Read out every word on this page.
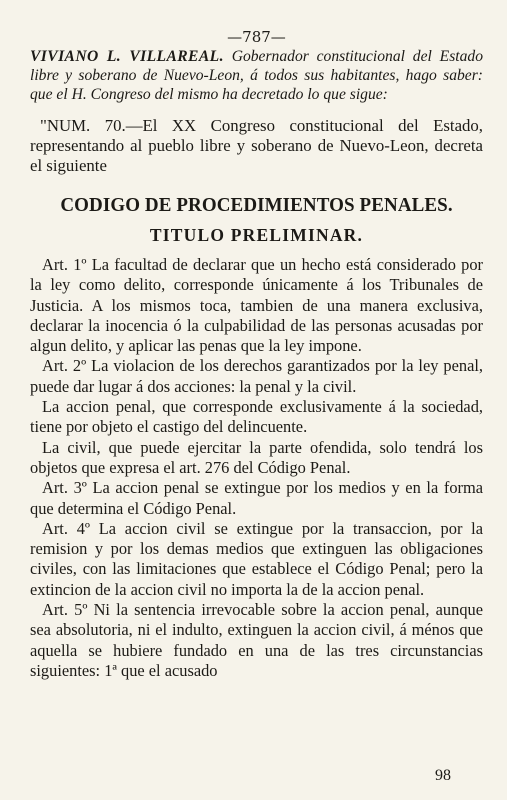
—787—

VIVIANO L. VILLAREAL. Gobernador constitucional del Estado libre y soberano de Nuevo-Leon, á todos sus habitantes, hago saber: que el H. Congreso del mismo ha decretado lo que sigue:

"NUM. 70.—El XX Congreso constitucional del Estado, representando al pueblo libre y soberano de Nuevo-Leon, decreta el siguiente

CODIGO DE PROCEDIMIENTOS PENALES.
TITULO PRELIMINAR.

Art. 1º La facultad de declarar que un hecho está considerado por la ley como delito, corresponde únicamente á los Tribunales de Justicia. A los mismos toca, tambien de una manera exclusiva, declarar la inocencia ó la culpabilidad de las personas acusadas por algun delito, y aplicar las penas que la ley impone.

Art. 2º La violacion de los derechos garantizados por la ley penal, puede dar lugar á dos acciones: la penal y la civil.

La accion penal, que corresponde exclusivamente á la sociedad, tiene por objeto el castigo del delincuente.

La civil, que puede ejercitar la parte ofendida, solo tendrá los objetos que expresa el art. 276 del Código Penal.

Art. 3º La accion penal se extingue por los medios y en la forma que determina el Código Penal.

Art. 4º La accion civil se extingue por la transaccion, por la remision y por los demas medios que extinguen las obligaciones civiles, con las limitaciones que establece el Código Penal; pero la extincion de la accion civil no importa la de la accion penal.

Art. 5º Ni la sentencia irrevocable sobre la accion penal, aunque sea absolutoria, ni el indulto, extinguen la accion civil, á ménos que aquella se hubiere fundado en una de las tres circunstancias siguientes: 1ª que el acusado

98
